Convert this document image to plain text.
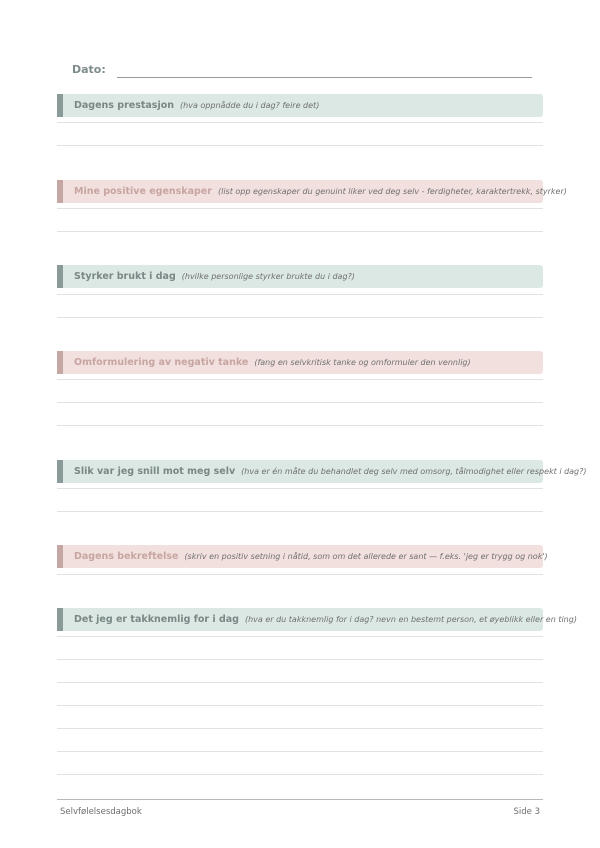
Dato:
Dagens prestasjon (hva oppnådde du i dag? feire det)
Mine positive egenskaper (list opp egenskaper du genuint liker ved deg selv - ferdigheter, karaktertrekk, styrker)
Styrker brukt i dag (hvilke personlige styrker brukte du i dag?)
Omformulering av negativ tanke (fang en selvkritisk tanke og omformuler den vennlig)
Slik var jeg snill mot meg selv (hva er én måte du behandlet deg selv med omsorg, tålmodighet eller respekt i dag?)
Dagens bekreftelse (skriv en positiv setning i nåtid, som om det allerede er sant — f.eks. 'jeg er trygg og nok')
Det jeg er takknemlig for i dag (hva er du takknemlig for i dag? nevn en bestemt person, et øyeblikk eller en ting)
Selvfølelsesdagbok	Side 3
